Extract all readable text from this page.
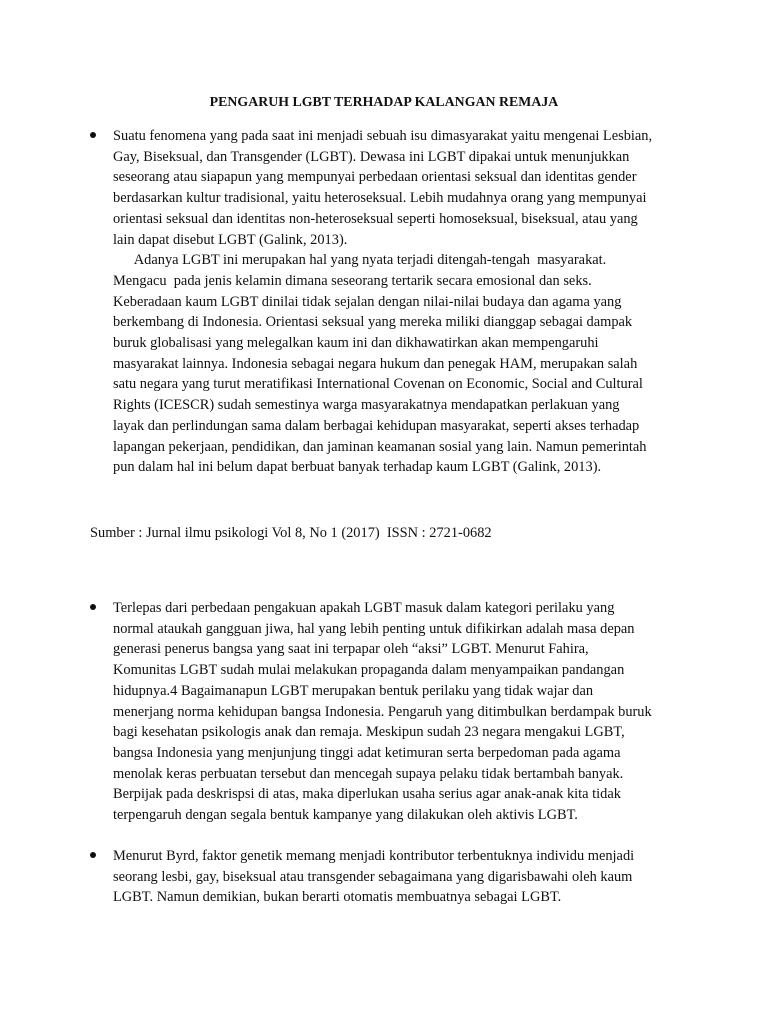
PENGARUH LGBT TERHADAP KALANGAN REMAJA
Suatu fenomena yang pada saat ini menjadi sebuah isu dimasyarakat yaitu mengenai Lesbian,
Gay, Biseksual, dan Transgender (LGBT). Dewasa ini LGBT dipakai untuk menunjukkan
seseorang atau siapapun yang mempunyai perbedaan orientasi seksual dan identitas gender
berdasarkan kultur tradisional, yaitu heteroseksual. Lebih mudahnya orang yang mempunyai
orientasi seksual dan identitas non-heteroseksual seperti homoseksual, biseksual, atau yang
lain dapat disebut LGBT (Galink, 2013).
Adanya LGBT ini merupakan hal yang nyata terjadi ditengah-tengah  masyarakat.
Mengacu  pada jenis kelamin dimana seseorang tertarik secara emosional dan seks.
Keberadaan kaum LGBT dinilai tidak sejalan dengan nilai-nilai budaya dan agama yang
berkembang di Indonesia. Orientasi seksual yang mereka miliki dianggap sebagai dampak
buruk globalisasi yang melegalkan kaum ini dan dikhawatirkan akan mempengaruhi
masyarakat lainnya. Indonesia sebagai negara hukum dan penegak HAM, merupakan salah
satu negara yang turut meratifikasi International Covenan on Economic, Social and Cultural
Rights (ICESCR) sudah semestinya warga masyarakatnya mendapatkan perlakuan yang
layak dan perlindungan sama dalam berbagai kehidupan masyarakat, seperti akses terhadap
lapangan pekerjaan, pendidikan, dan jaminan keamanan sosial yang lain. Namun pemerintah
pun dalam hal ini belum dapat berbuat banyak terhadap kaum LGBT (Galink, 2013).
Sumber : Jurnal ilmu psikologi Vol 8, No 1 (2017)  ISSN : 2721-0682
Terlepas dari perbedaan pengakuan apakah LGBT masuk dalam kategori perilaku yang
normal ataukah gangguan jiwa, hal yang lebih penting untuk difikirkan adalah masa depan
generasi penerus bangsa yang saat ini terpapar oleh “aksi” LGBT. Menurut Fahira,
Komunitas LGBT sudah mulai melakukan propaganda dalam menyampaikan pandangan
hidupnya.4 Bagaimanapun LGBT merupakan bentuk perilaku yang tidak wajar dan
menerjang norma kehidupan bangsa Indonesia. Pengaruh yang ditimbulkan berdampak buruk
bagi kesehatan psikologis anak dan remaja. Meskipun sudah 23 negara mengakui LGBT,
bangsa Indonesia yang menjunjung tinggi adat ketimuran serta berpedoman pada agama
menolak keras perbuatan tersebut dan mencegah supaya pelaku tidak bertambah banyak.
Berpijak pada deskrispsi di atas, maka diperlukan usaha serius agar anak-anak kita tidak
terpengaruh dengan segala bentuk kampanye yang dilakukan oleh aktivis LGBT.
Menurut Byrd, faktor genetik memang menjadi kontributor terbentuknya individu menjadi
seorang lesbi, gay, biseksual atau transgender sebagaimana yang digarisbawahi oleh kaum
LGBT. Namun demikian, bukan berarti otomatis membuatnya sebagai LGBT.
